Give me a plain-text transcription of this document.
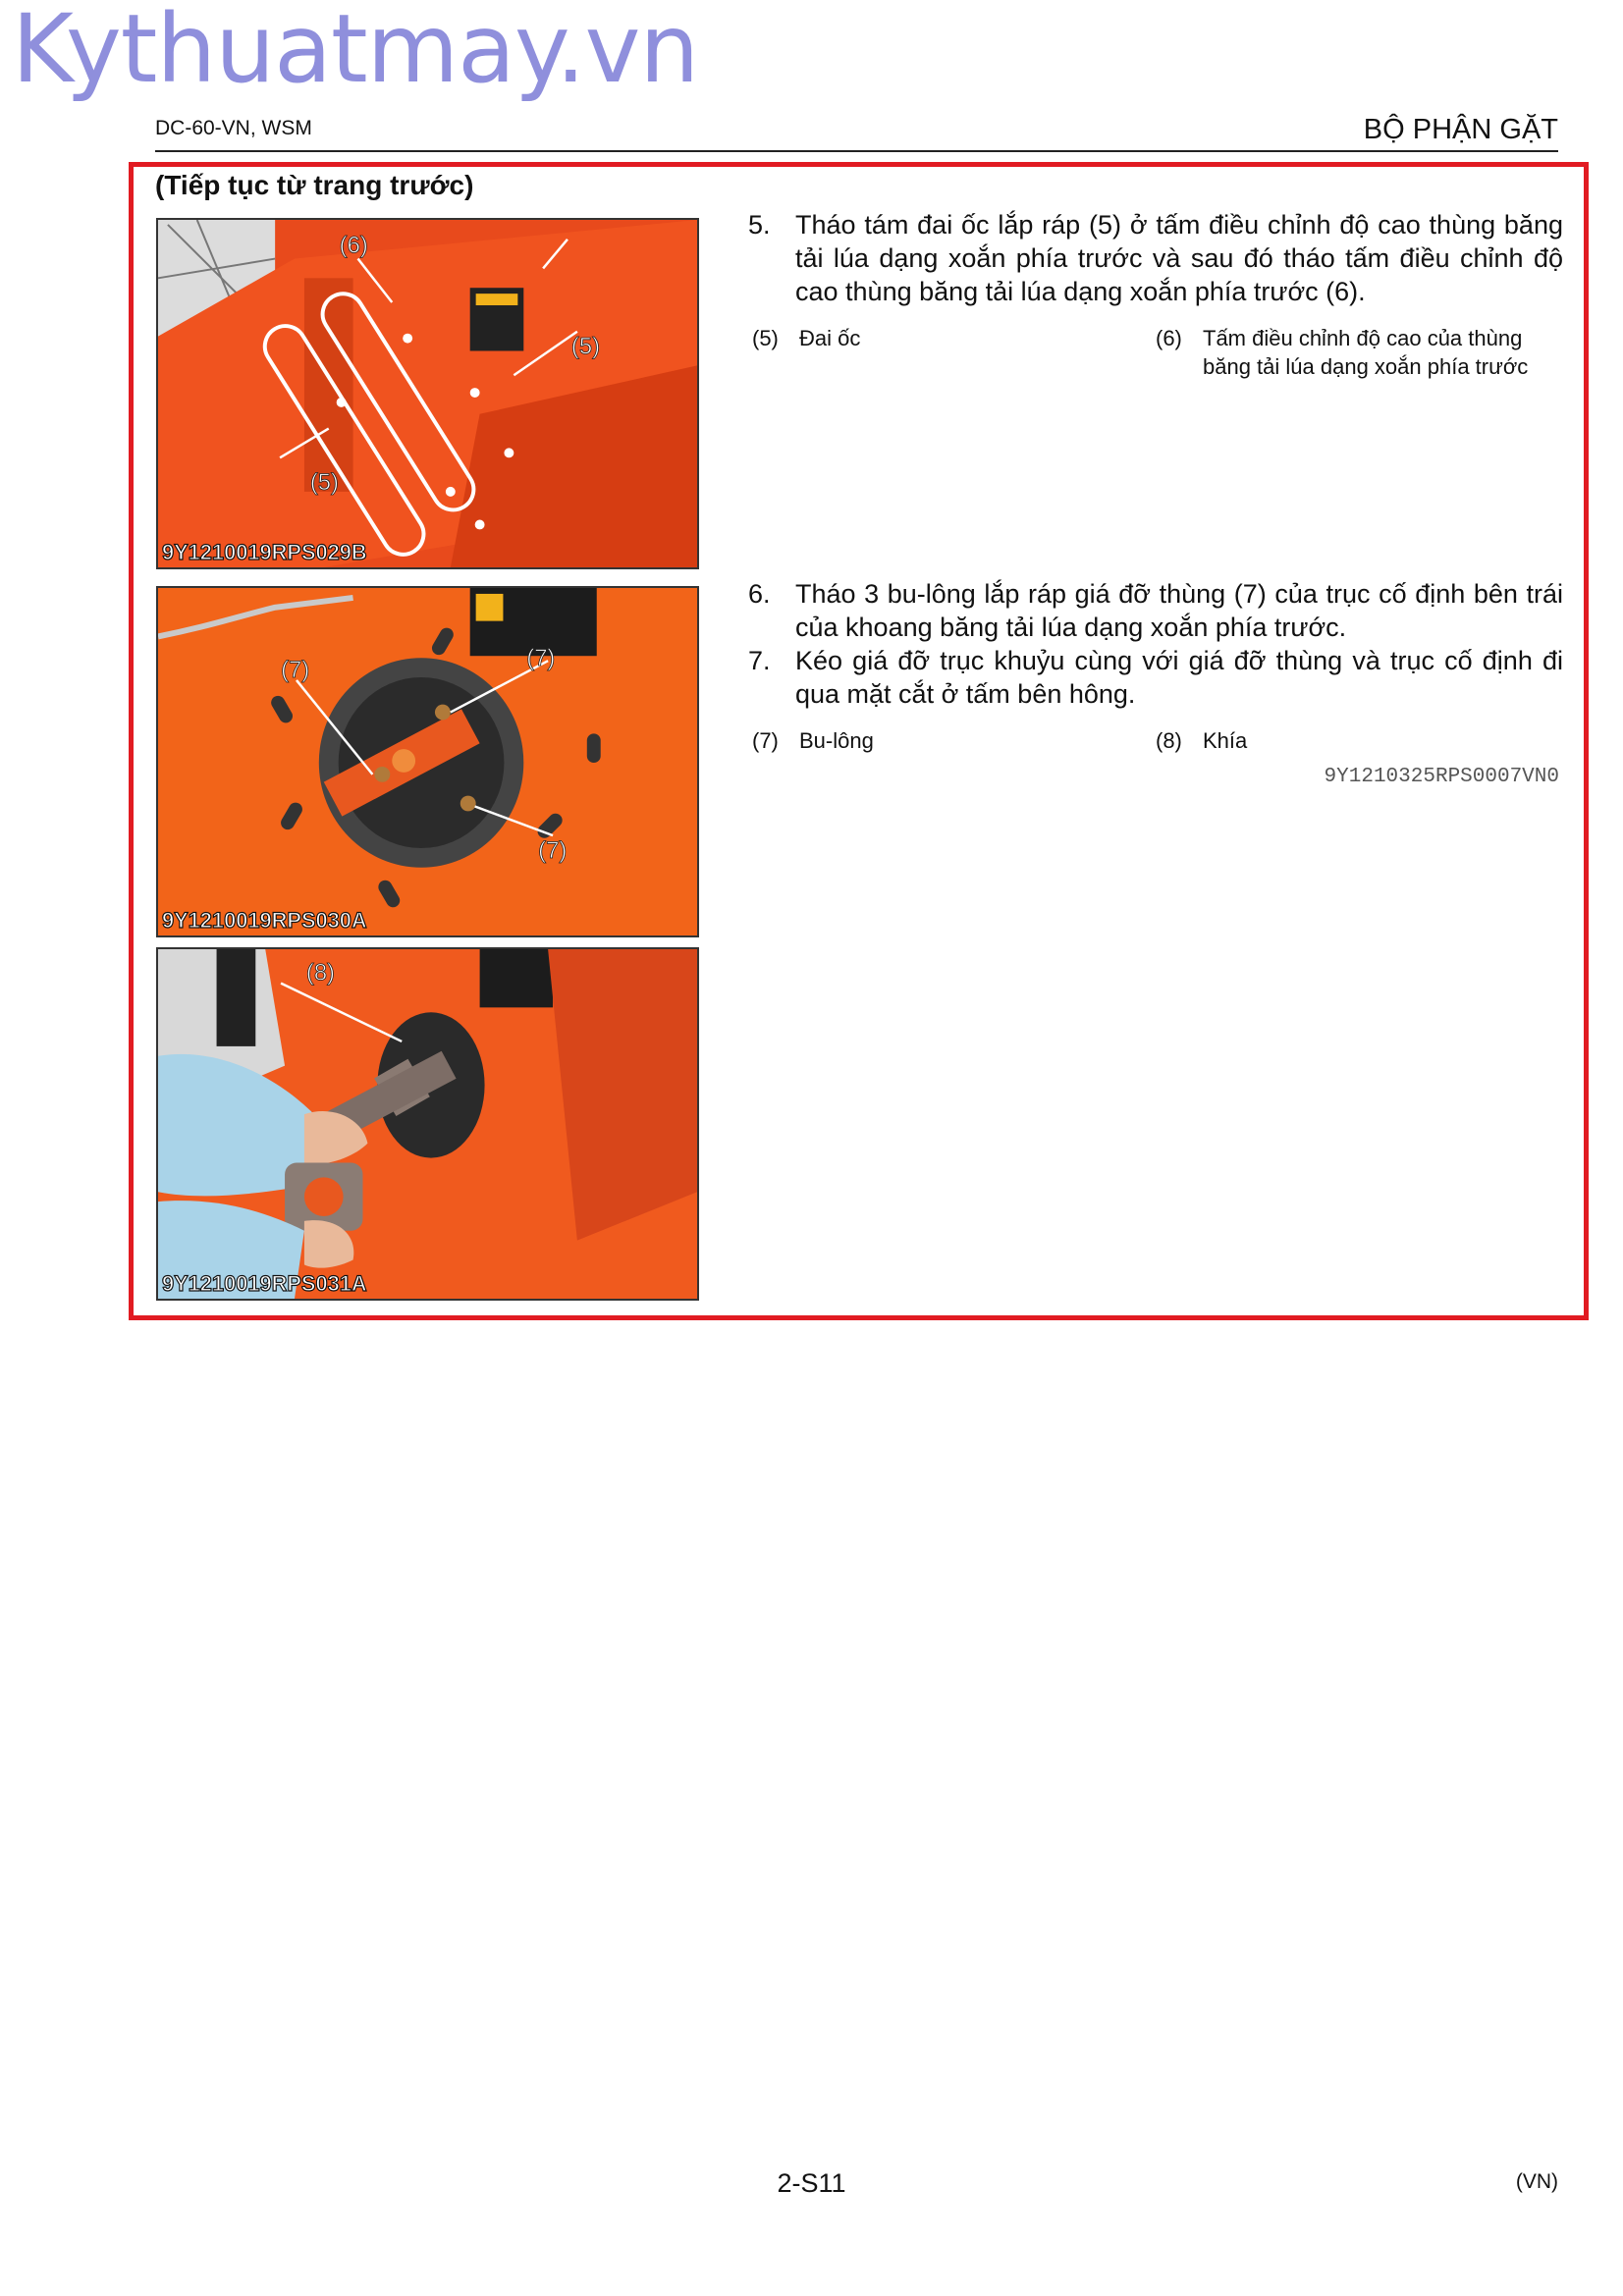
Kythuatmay.vn
DC-60-VN, WSM	BỘ PHẬN GẶT
(Tiếp tục từ trang trước)
(6)
(5)
(5)
9Y1210019RPS029B
(7)	(7)
(7)
9Y1210019RPS030A
(8)
9Y1210019RPS031A
5. Tháo tám đai ốc lắp ráp (5) ở tấm điều chỉnh độ cao thùng băng tải lúa dạng xoắn phía trước và sau đó tháo tấm điều chỉnh độ cao thùng băng tải lúa dạng xoắn phía trước (6).
(5) Đai ốc	(6) Tấm điều chỉnh độ cao của thùng băng tải lúa dạng xoắn phía trước
6. Tháo 3 bu-lông lắp ráp giá đỡ thùng (7) của trục cố định bên trái của khoang băng tải lúa dạng xoắn phía trước.
7. Kéo giá đỡ trục khuỷu cùng với giá đỡ thùng và trục cố định đi qua mặt cắt ở tấm bên hông.
(7) Bu-lông	(8) Khía
9Y1210325RPS0007VN0
2-S11	(VN)
